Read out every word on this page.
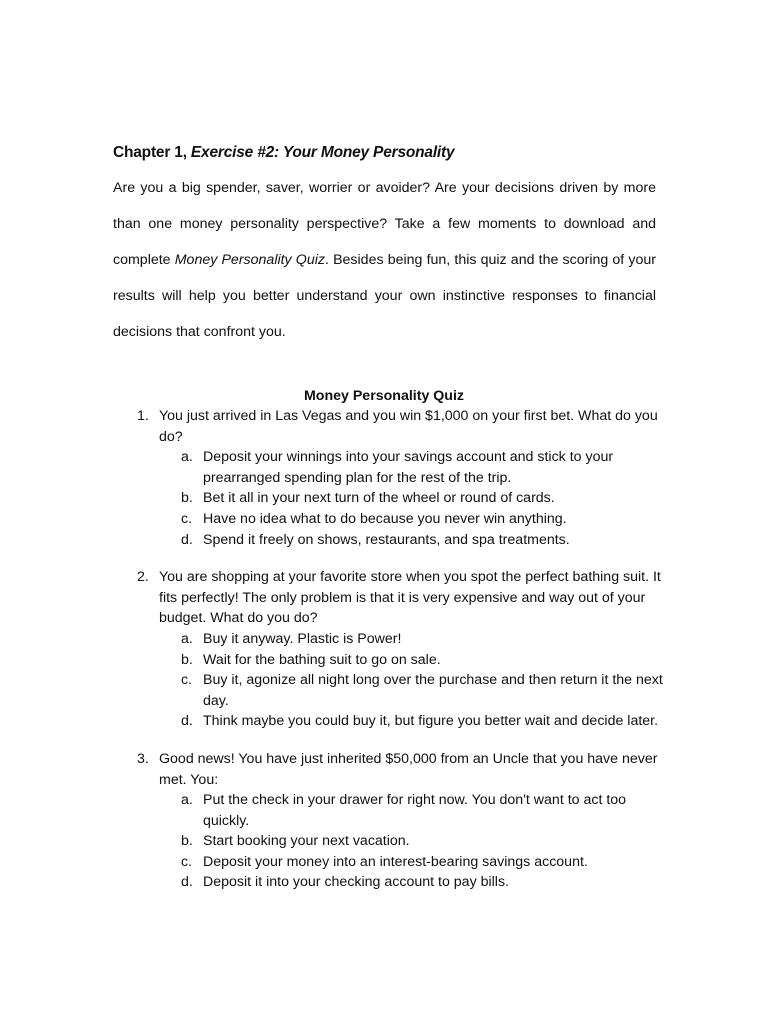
Chapter 1, Exercise #2: Your Money Personality
Are you a big spender, saver, worrier or avoider? Are your decisions driven by more than one money personality perspective? Take a few moments to download and complete Money Personality Quiz. Besides being fun, this quiz and the scoring of your results will help you better understand your own instinctive responses to financial decisions that confront you.
Money Personality Quiz
1. You just arrived in Las Vegas and you win $1,000 on your first bet. What do you do?
a. Deposit your winnings into your savings account and stick to your prearranged spending plan for the rest of the trip.
b. Bet it all in your next turn of the wheel or round of cards.
c. Have no idea what to do because you never win anything.
d. Spend it freely on shows, restaurants, and spa treatments.
2. You are shopping at your favorite store when you spot the perfect bathing suit. It fits perfectly! The only problem is that it is very expensive and way out of your budget. What do you do?
a. Buy it anyway. Plastic is Power!
b. Wait for the bathing suit to go on sale.
c. Buy it, agonize all night long over the purchase and then return it the next day.
d. Think maybe you could buy it, but figure you better wait and decide later.
3. Good news! You have just inherited $50,000 from an Uncle that you have never met. You:
a. Put the check in your drawer for right now. You don't want to act too quickly.
b. Start booking your next vacation.
c. Deposit your money into an interest-bearing savings account.
d. Deposit it into your checking account to pay bills.
